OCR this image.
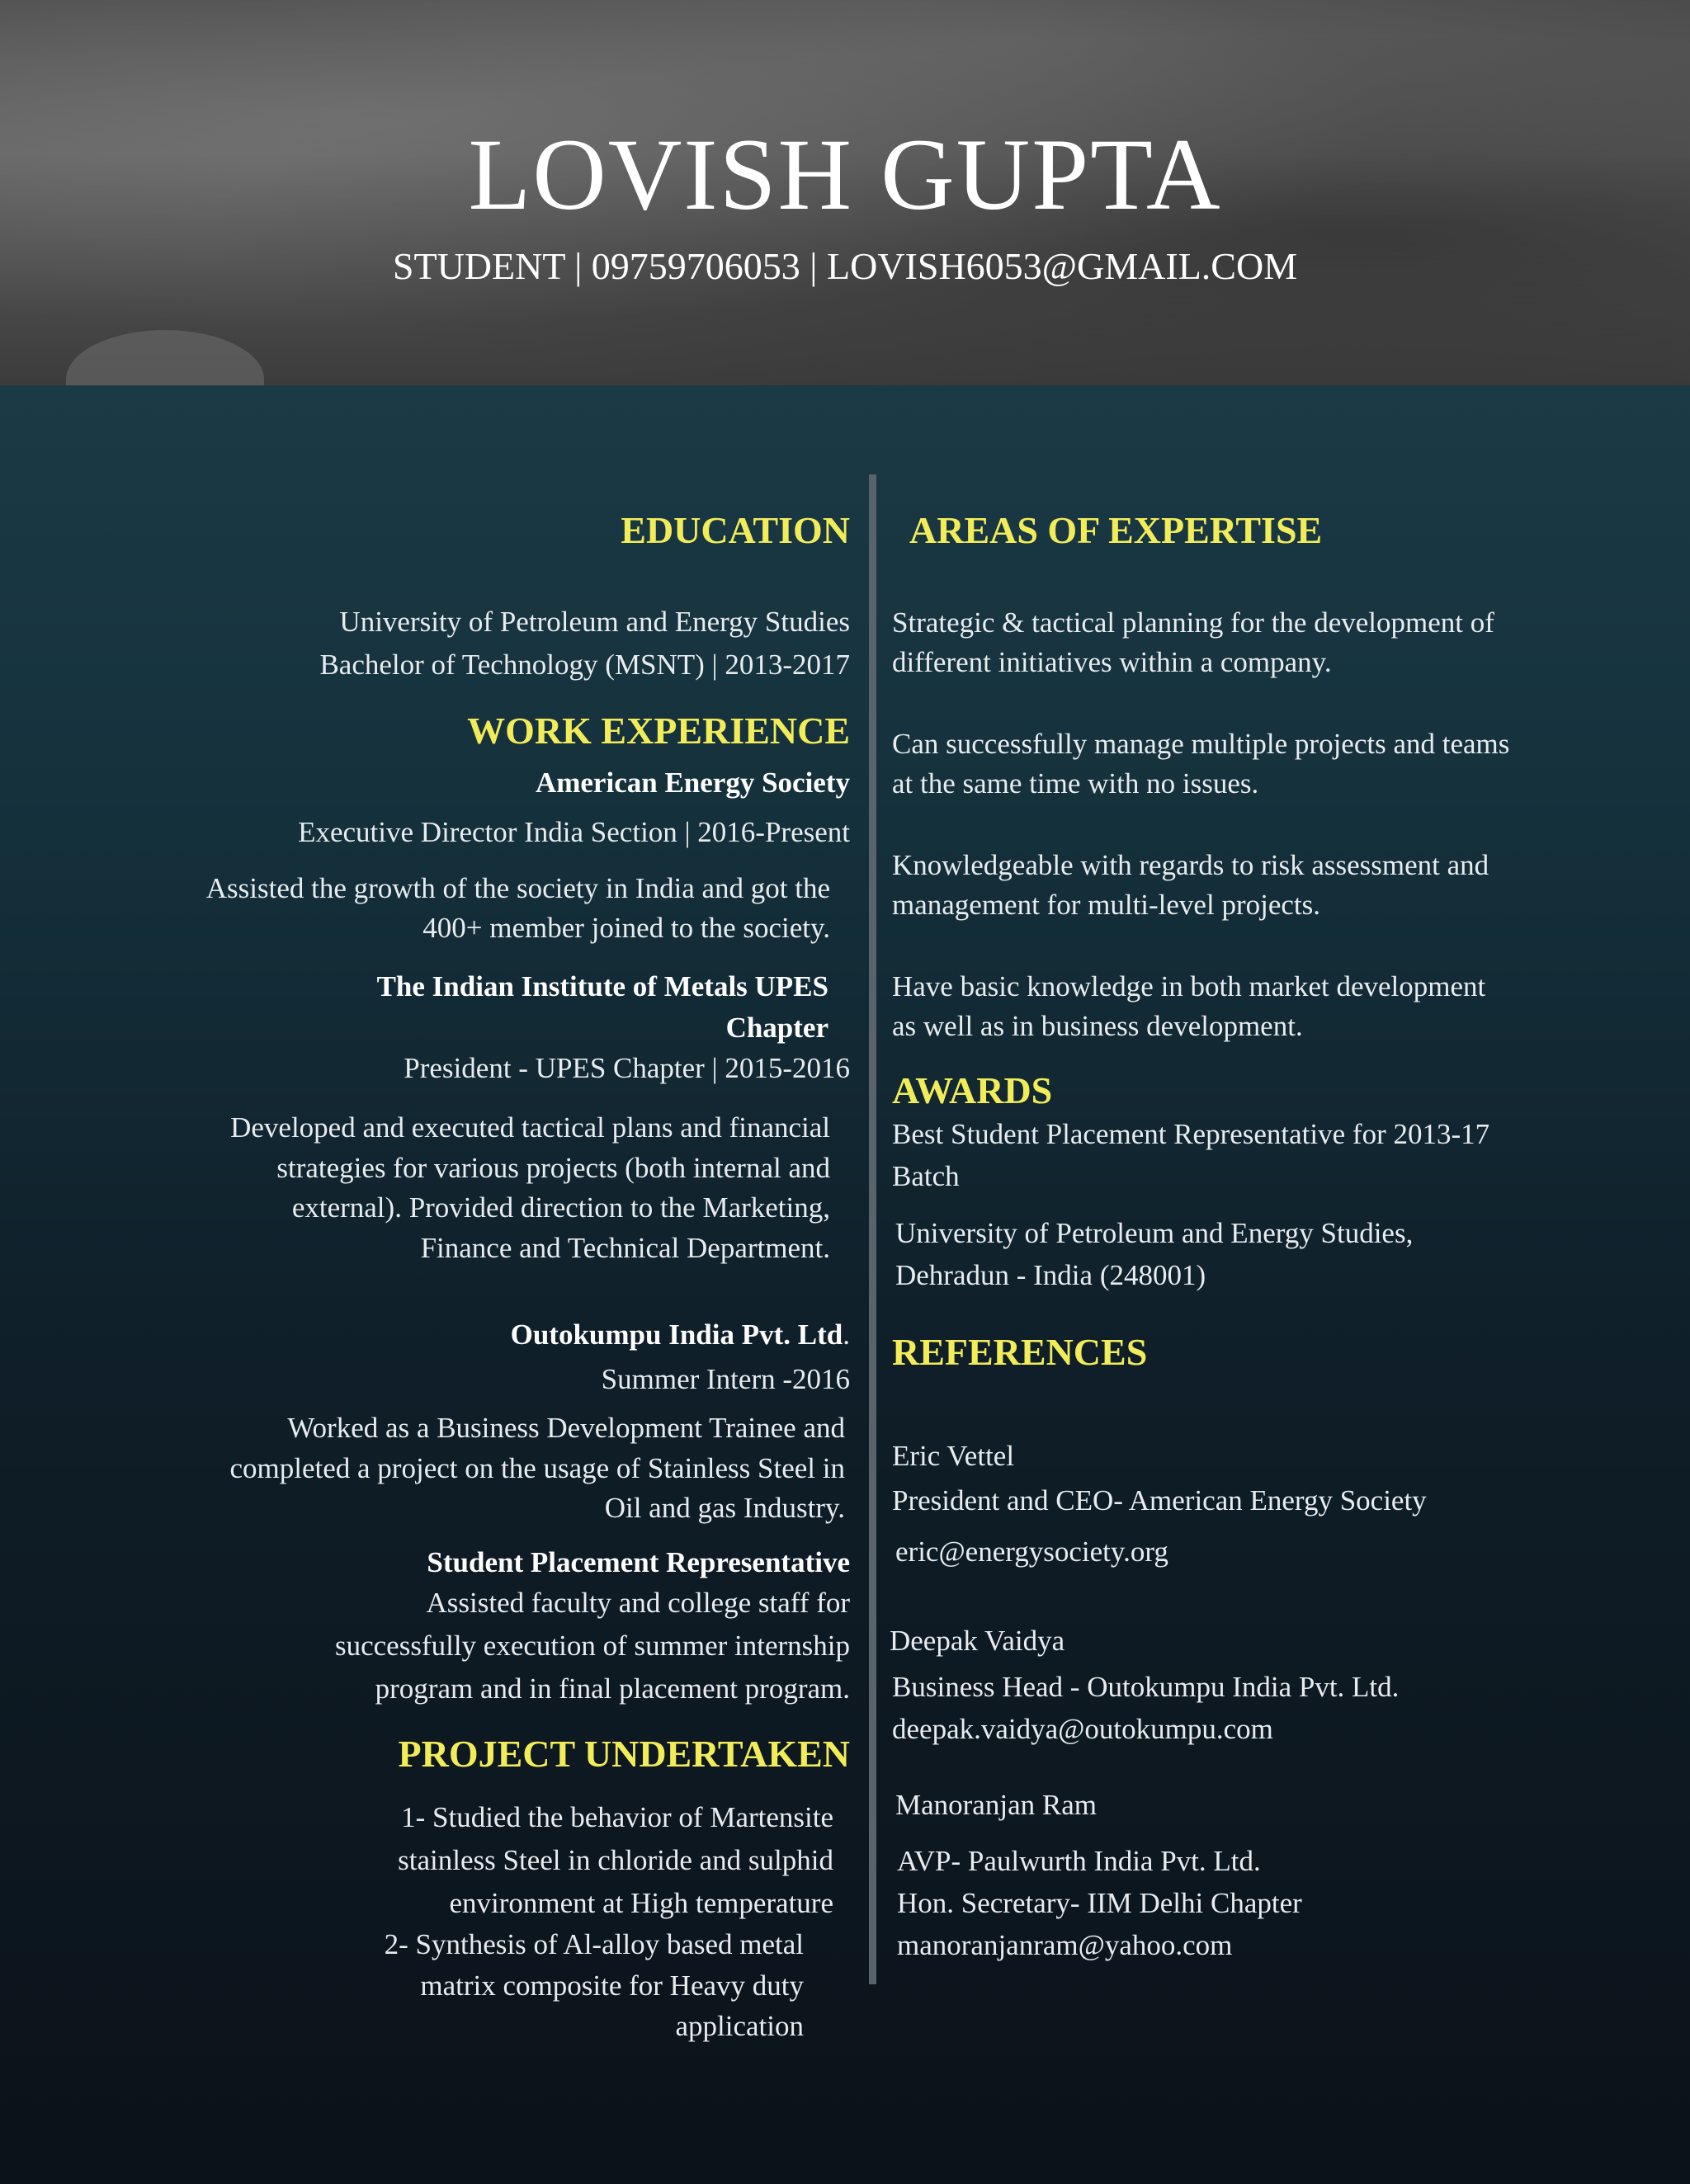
LOVISH GUPTA
STUDENT | 09759706053 | LOVISH6053@GMAIL.COM
EDUCATION
University of Petroleum and Energy Studies
Bachelor of Technology (MSNT) | 2013-2017
WORK EXPERIENCE
American Energy Society
Executive Director India Section | 2016-Present
Assisted the growth of the society in India and got the
400+ member joined to the society.
The Indian Institute of Metals UPES
Chapter
President - UPES Chapter | 2015-2016
Developed and executed tactical plans and financial
strategies for various projects (both internal and
external). Provided direction to the Marketing,
Finance and Technical Department.
Outokumpu India Pvt. Ltd.
Summer Intern -2016
Worked as a Business Development Trainee and
completed a project on the usage of Stainless Steel in
Oil and gas Industry.
Student Placement Representative
Assisted faculty and college staff for
successfully execution of summer internship
program and in final placement program.
PROJECT UNDERTAKEN
1- Studied the behavior of Martensite
stainless Steel in chloride and sulphid
environment at High temperature
2- Synthesis of Al-alloy based metal
matrix composite for Heavy duty
application
AREAS OF EXPERTISE
Strategic & tactical planning for the development of
different initiatives within a company.
Can successfully manage multiple projects and teams
at the same time with no issues.
Knowledgeable with regards to risk assessment and
management for multi-level projects.
Have basic knowledge in both market development
as well as in business development.
AWARDS
Best Student Placement Representative for 2013-17
Batch
University of Petroleum and Energy Studies,
Dehradun - India (248001)
REFERENCES
Eric Vettel
President and CEO- American Energy Society
eric@energysociety.org
Deepak Vaidya
Business Head - Outokumpu India Pvt. Ltd.
deepak.vaidya@outokumpu.com
Manoranjan Ram
AVP- Paulwurth India Pvt. Ltd.
Hon. Secretary- IIM Delhi Chapter
manoranjanram@yahoo.com
